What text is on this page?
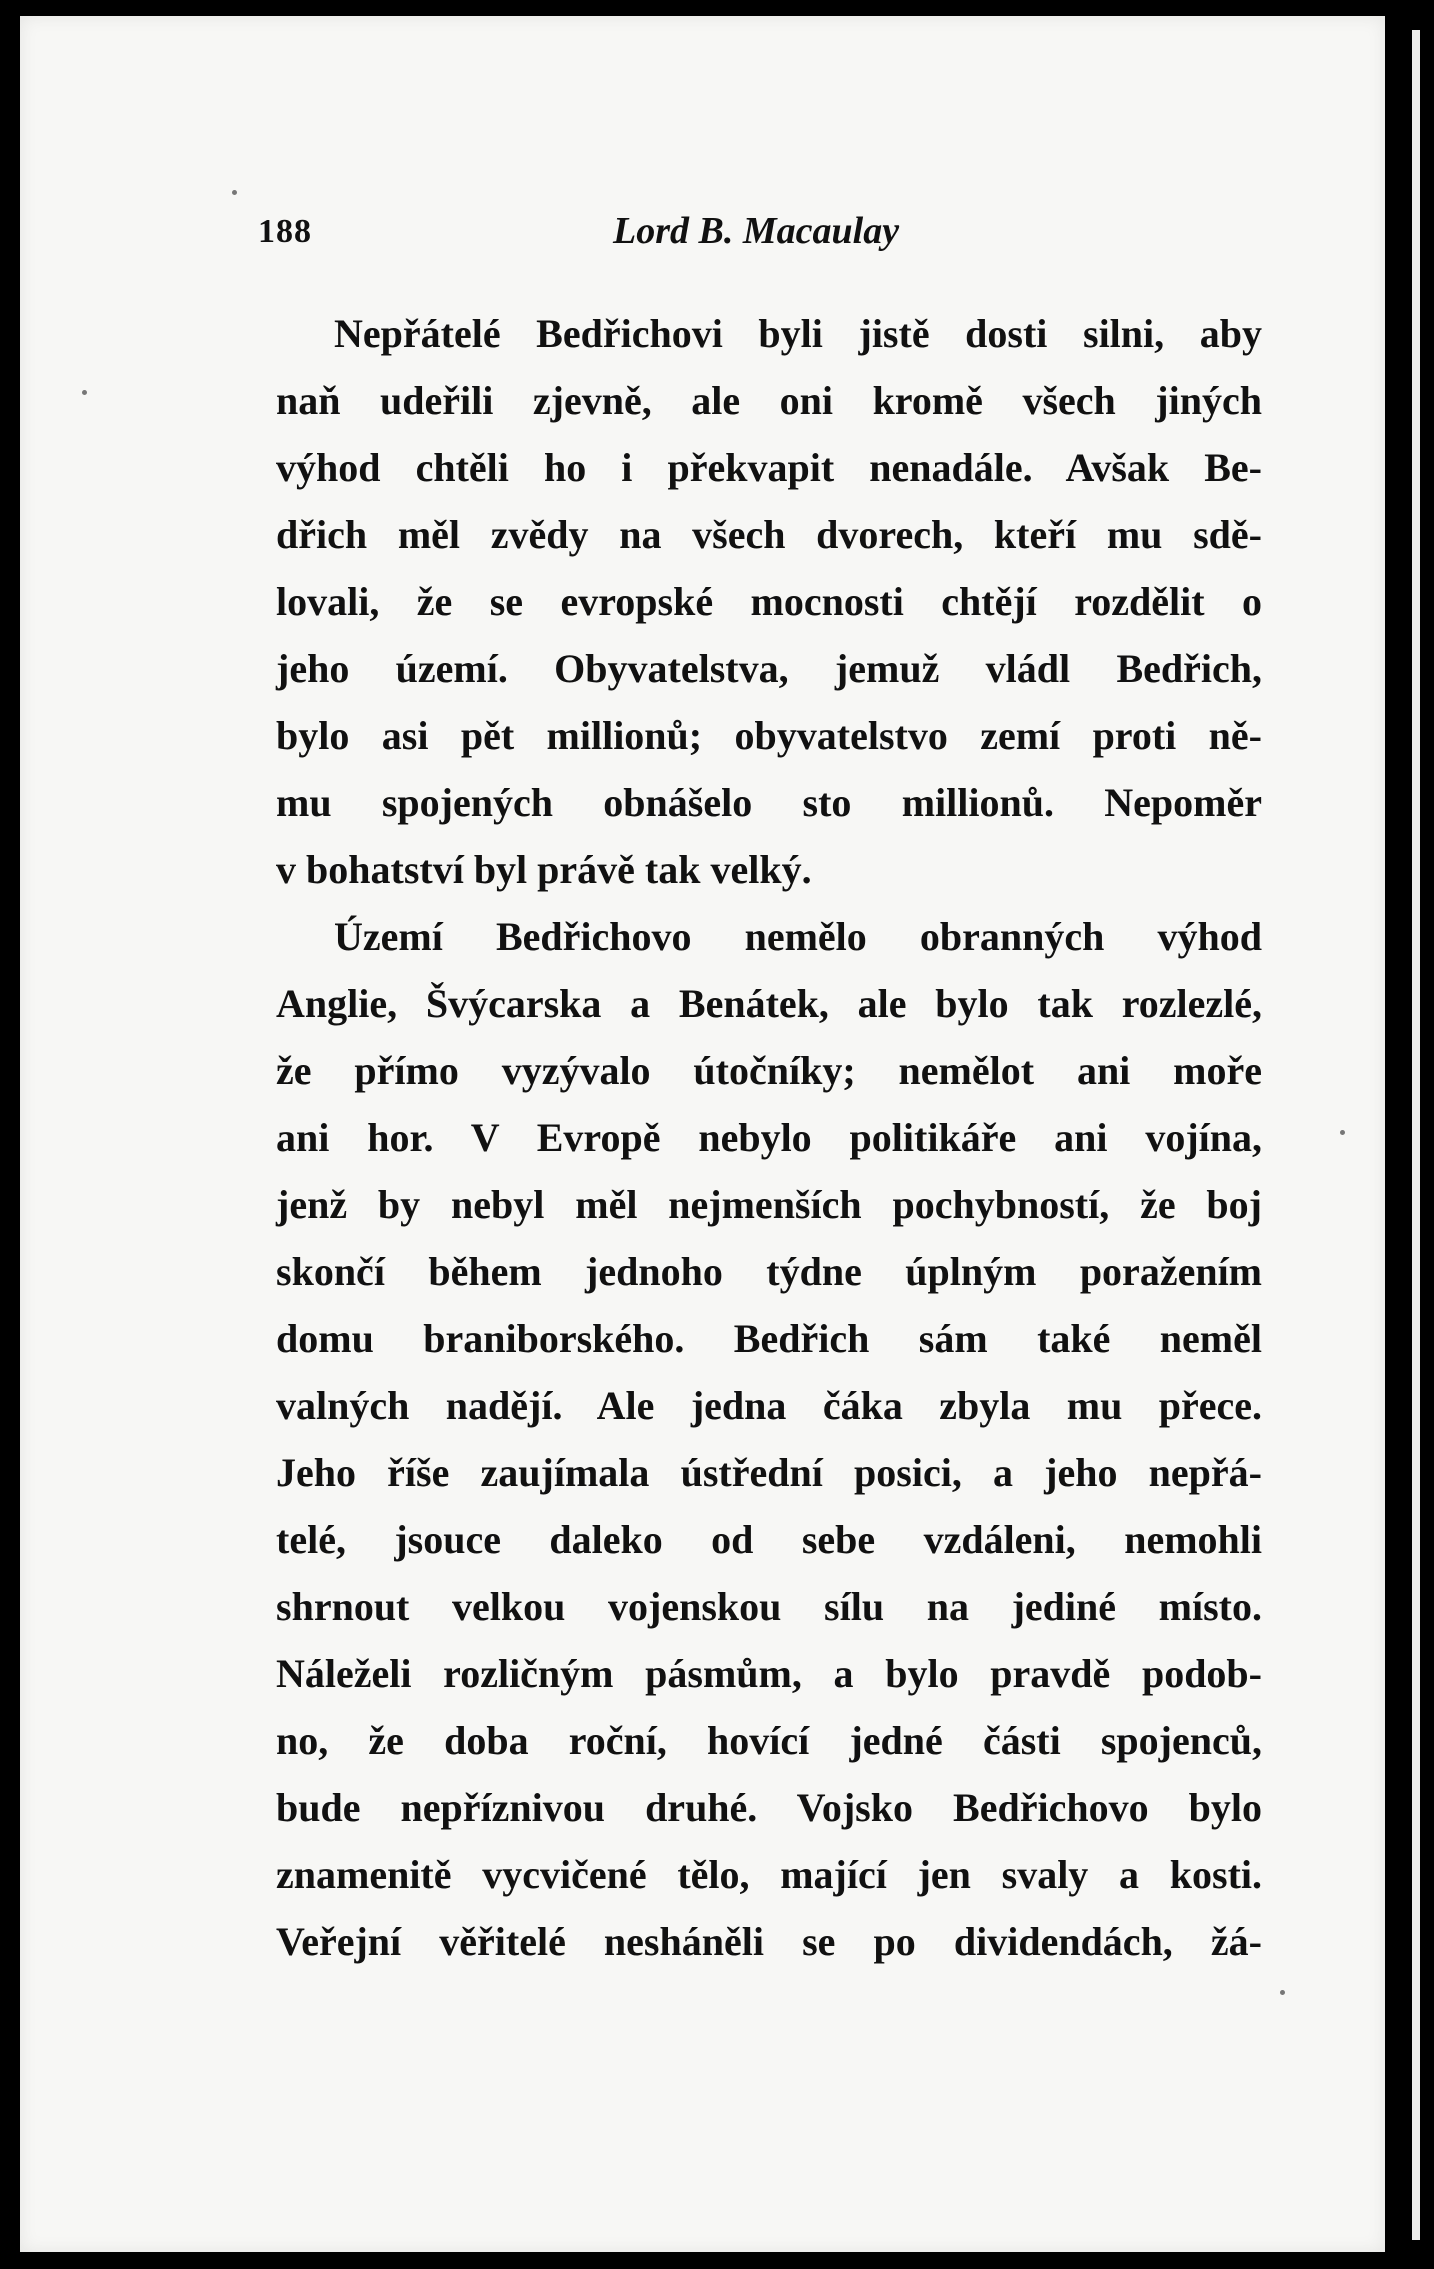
188	Lord B. Macaulay

Nepřátelé Bedřichovi byli jistě dosti silni, aby
naň udeřili zjevně, ale oni kromě všech jiných
výhod chtěli ho i překvapit nenadále. Avšak Be-
dřich měl zvědy na všech dvorech, kteří mu sdě-
lovali, že se evropské mocnosti chtějí rozdělit o
jeho území. Obyvatelstva, jemuž vládl Bedřich,
bylo asi pět millionů; obyvatelstvo zemí proti ně-
mu spojených obnášelo sto millionů. Nepoměr
v bohatství byl právě tak velký.

Území Bedřichovo nemělo obranných výhod
Anglie, Švýcarska a Benátek, ale bylo tak rozlezlé,
že přímo vyzývalo útočníky; nemělot ani moře
ani hor. V Evropě nebylo politikáře ani vojína,
jenž by nebyl měl nejmenších pochybností, že boj
skončí během jednoho týdne úplným poražením
domu braniborského. Bedřich sám také neměl
valných nadějí. Ale jedna čáka zbyla mu přece.
Jeho říše zaujímala ústřední posici, a jeho nepřá-
telé, jsouce daleko od sebe vzdáleni, nemohli
shrnout velkou vojenskou sílu na jediné místo.
Náleželi rozličným pásmům, a bylo pravdě podob-
no, že doba roční, hovící jedné části spojenců,
bude nepříznivou druhé. Vojsko Bedřichovo bylo
znamenitě vycvičené tělo, mající jen svaly a kosti.
Veřejní věřitelé nesháněli se po dividendách, žá-
